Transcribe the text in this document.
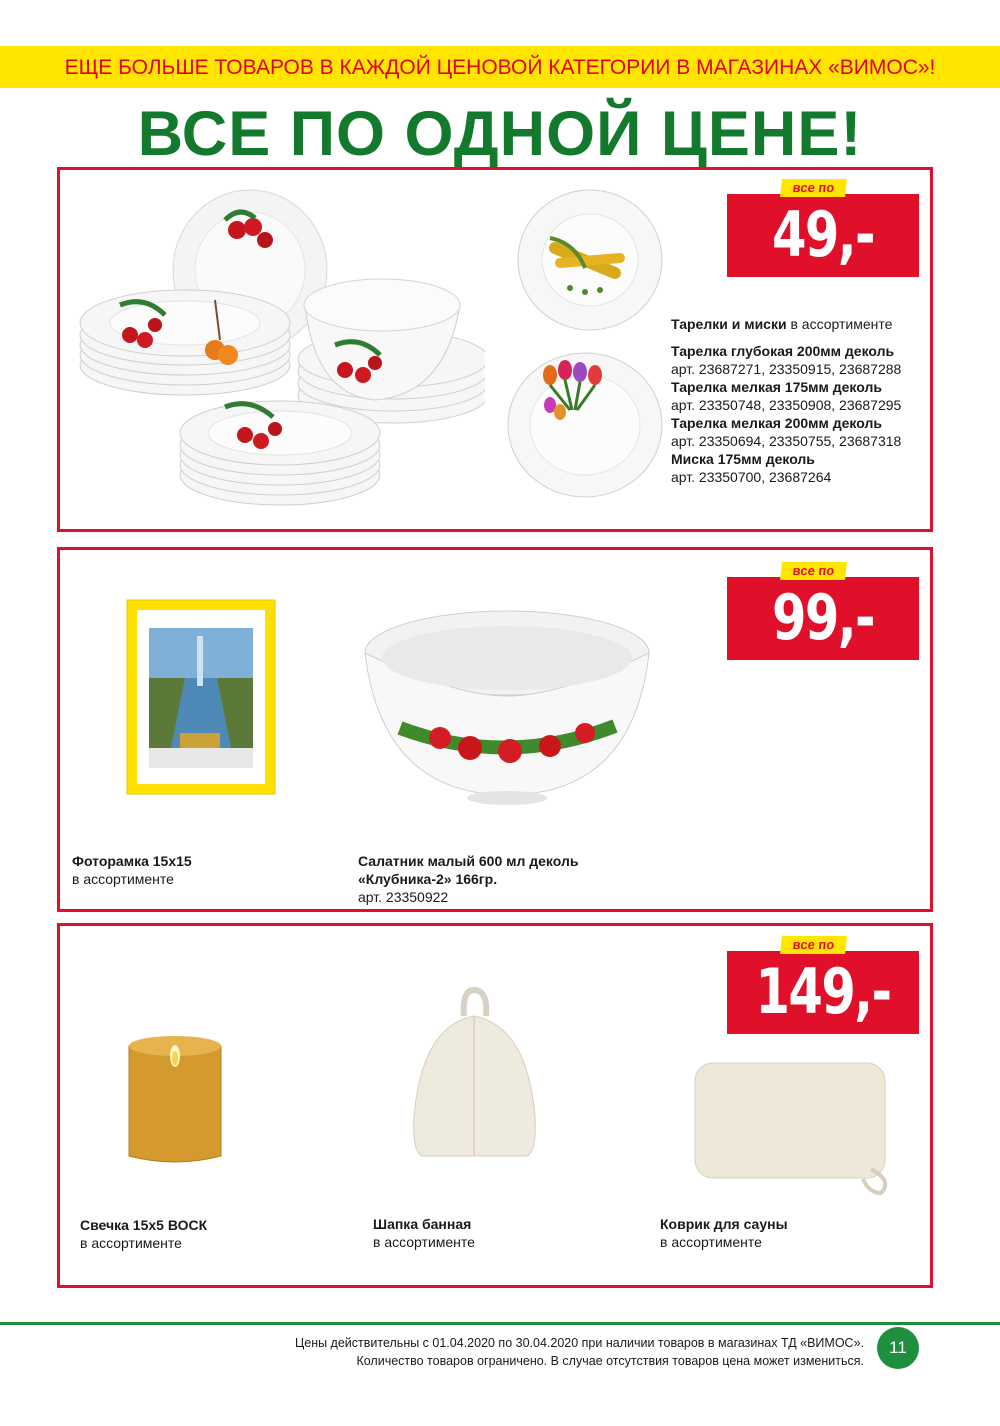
ЕЩЕ БОЛЬШЕ ТОВАРОВ В КАЖДОЙ ЦЕНОВОЙ КАТЕГОРИИ В МАГАЗИНАХ «ВИМОС»!
ВСЕ ПО ОДНОЙ ЦЕНЕ!
все по
49,-
Тарелки и миски в ассортименте
Тарелка глубокая 200мм деколь
арт. 23687271, 23350915, 23687288
Тарелка мелкая 175мм деколь
арт. 23350748, 23350908, 23687295
Тарелка мелкая 200мм деколь
арт. 23350694, 23350755, 23687318
Миска 175мм деколь
арт. 23350700, 23687264
все по
99,-
Фоторамка 15х15
в ассортименте
Салатник малый 600 мл деколь
«Клубника-2» 166гр.
арт. 23350922
все по
149,-
Свечка 15х5 ВОСК
в ассортименте
Шапка банная
в ассортименте
Коврик для сауны
в ассортименте
Цены действительны с 01.04.2020 по 30.04.2020 при наличии товаров в магазинах ТД «ВИМОС».
Количество товаров ограничено. В случае отсутствия товаров цена может измениться.
11
